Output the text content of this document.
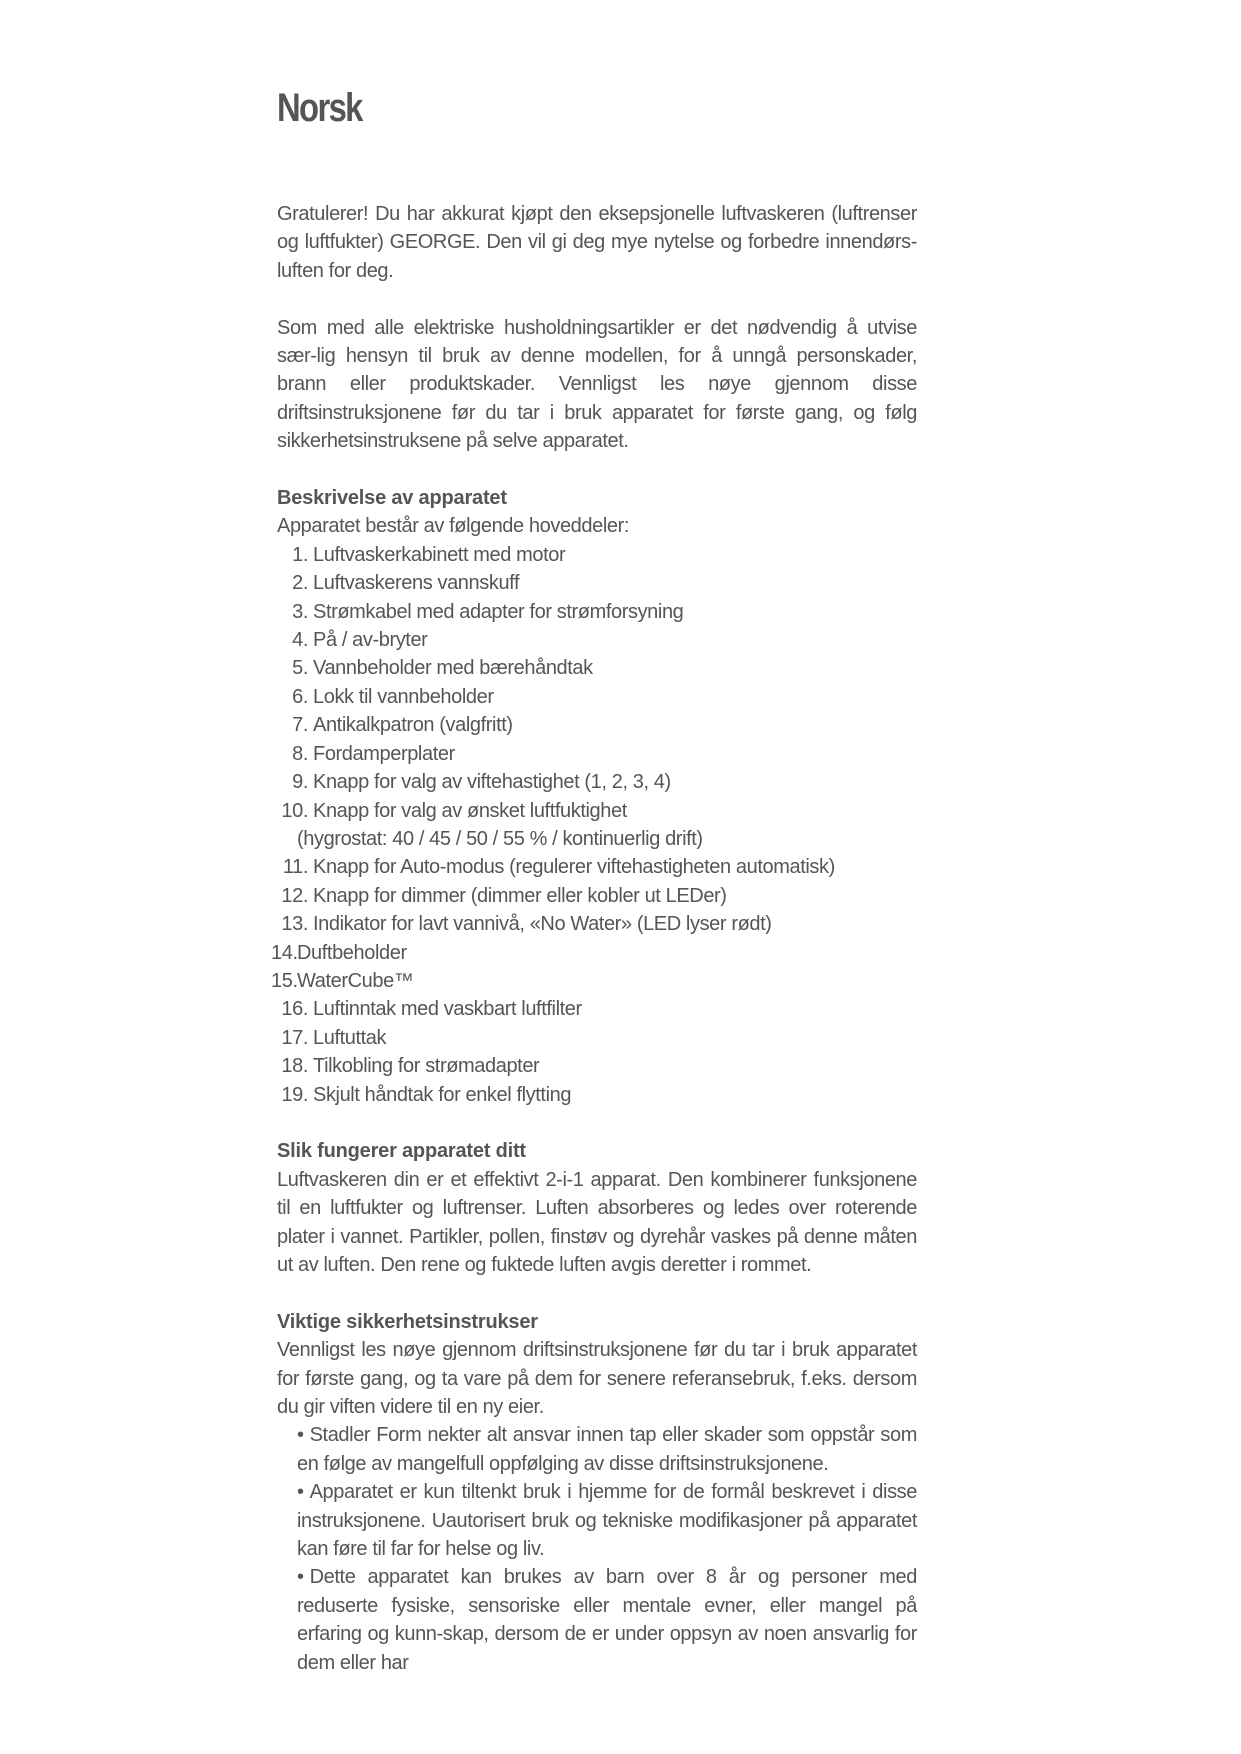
Norsk

Gratulerer! Du har akkurat kjøpt den eksepsjonelle luftvaskeren (luftrenser og luftfukter) GEORGE. Den vil gi deg mye nytelse og forbedre innendørs-luften for deg.

Som med alle elektriske husholdningsartikler er det nødvendig å utvise sær-lig hensyn til bruk av denne modellen, for å unngå personskader, brann eller produktskader. Vennligst les nøye gjennom disse driftsinstruksjonene før du tar i bruk apparatet for første gang, og følg sikkerhetsinstruksene på selve apparatet.

Beskrivelse av apparatet

Apparatet består av følgende hoveddeler:

1. Luftvaskerkabinett med motor
2. Luftvaskerens vannskuff
3. Strømkabel med adapter for strømforsyning
4. På / av-bryter
5. Vannbeholder med bærehåndtak
6. Lokk til vannbeholder
7. Antikalkpatron (valgfritt)
8. Fordamperplater
9. Knapp for valg av viftehastighet (1, 2, 3, 4)
10. Knapp for valg av ønsket luftfuktighet
(hygrostat: 40 / 45 / 50 / 55 % / kontinuerlig drift)
11. Knapp for Auto-modus (regulerer viftehastigheten automatisk)
12. Knapp for dimmer (dimmer eller kobler ut LEDer)
13. Indikator for lavt vannivå, «No Water» (LED lyser rødt)
14.Duftbeholder
15.WaterCube™
16. Luftinntak med vaskbart luftfilter
17. Luftuttak
18. Tilkobling for strømadapter
19. Skjult håndtak for enkel flytting
Slik fungerer apparatet ditt

Luftvaskeren din er et effektivt 2-i-1 apparat. Den kombinerer funksjonene til en luftfukter og luftrenser. Luften absorberes og ledes over roterende plater i vannet. Partikler, pollen, finstøv og dyrehår vaskes på denne måten ut av luften. Den rene og fuktede luften avgis deretter i rommet.

Viktige sikkerhetsinstrukser

Vennligst les nøye gjennom driftsinstruksjonene før du tar i bruk apparatet for første gang, og ta vare på dem for senere referansebruk, f.eks. dersom du gir viften videre til en ny eier.

• Stadler Form nekter alt ansvar innen tap eller skader som oppstår som en følge av mangelfull oppfølging av disse driftsinstruksjonene.
• Apparatet er kun tiltenkt bruk i hjemme for de formål beskrevet i disse instruksjonene. Uautorisert bruk og tekniske modifikasjoner på apparatet kan føre til far for helse og liv.
• Dette apparatet kan brukes av barn over 8 år og personer med reduserte fysiske, sensoriske eller mentale evner, eller mangel på erfaring og kunn-skap, dersom de er under oppsyn av noen ansvarlig for dem eller har
